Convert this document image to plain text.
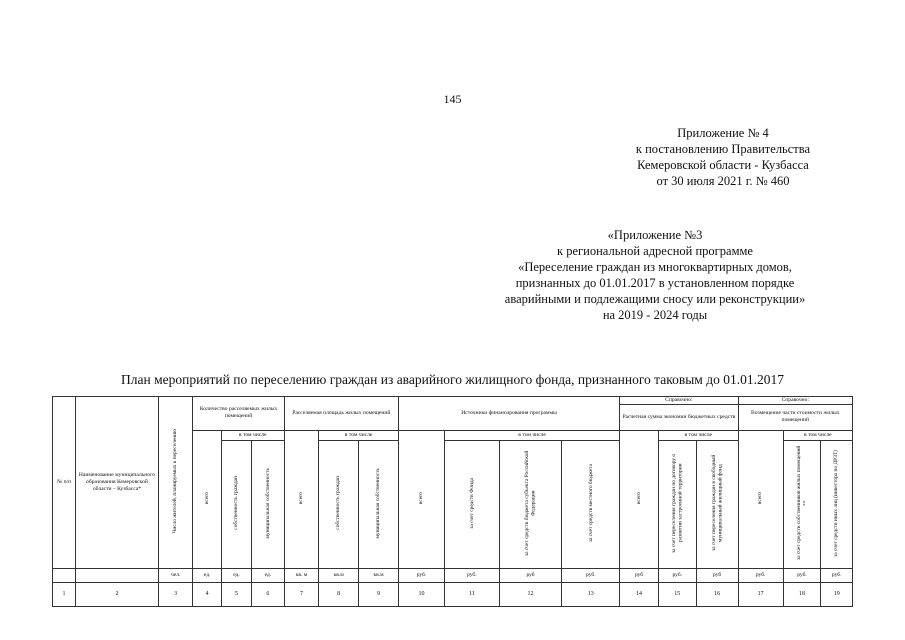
145
Приложение № 4
к постановлению Правительства
Кемеровской области - Кузбасса
от 30 июля 2021 г. № 460
«Приложение №3
к региональной адресной программе
«Переселение граждан из многоквартирных домов,
признанных до 01.01.2017 в установленном порядке
аварийными и подлежащими сносу или реконструкции»
на 2019 - 2024 годы
План мероприятий по переселению граждан из аварийного жилищного фонда, признанного таковым до 01.01.2017
№ п/п	Наименование муниципального образования Кемеровской области – Кузбасса*	Число жителей, планируемых к переселению	Количество расселяемых жилых помещений			Расселяемая площадь жилых помещений			Источники финансирования программы				Справочно:			Справочно:		
													Расчетная сумма экономии бюджетных средств			Возмещение части стоимости жилых помещений		
			всего	в том числе		всего	в том числе		всего	в том числе			всего	в том числе		всего	в том числе	
				собственность граждан	муниципальная собственность		собственность граждан	муниципальная собственность		за счет средств Фонда	за счет средств бюджета субъекта Российской Федерации	за счет средств местного бюджета		за счет переселения граждан по договору о развитии застроенной территории	за счет переселения граждан в свободный муниципальный жилищный фонд		за счет средств собственников жилых помещений **	за счет средств иных лиц (инвестора по ДРЗТ)
		чел.	ед.	ед.	ед.	кв. м	кв.м	кв.м	руб.	руб.	руб	руб.	руб	руб.	руб	руб.	руб.	руб.
1	2	3	4	5	6	7	8	9	10	11	12	13	14	15	16	17	18	19
